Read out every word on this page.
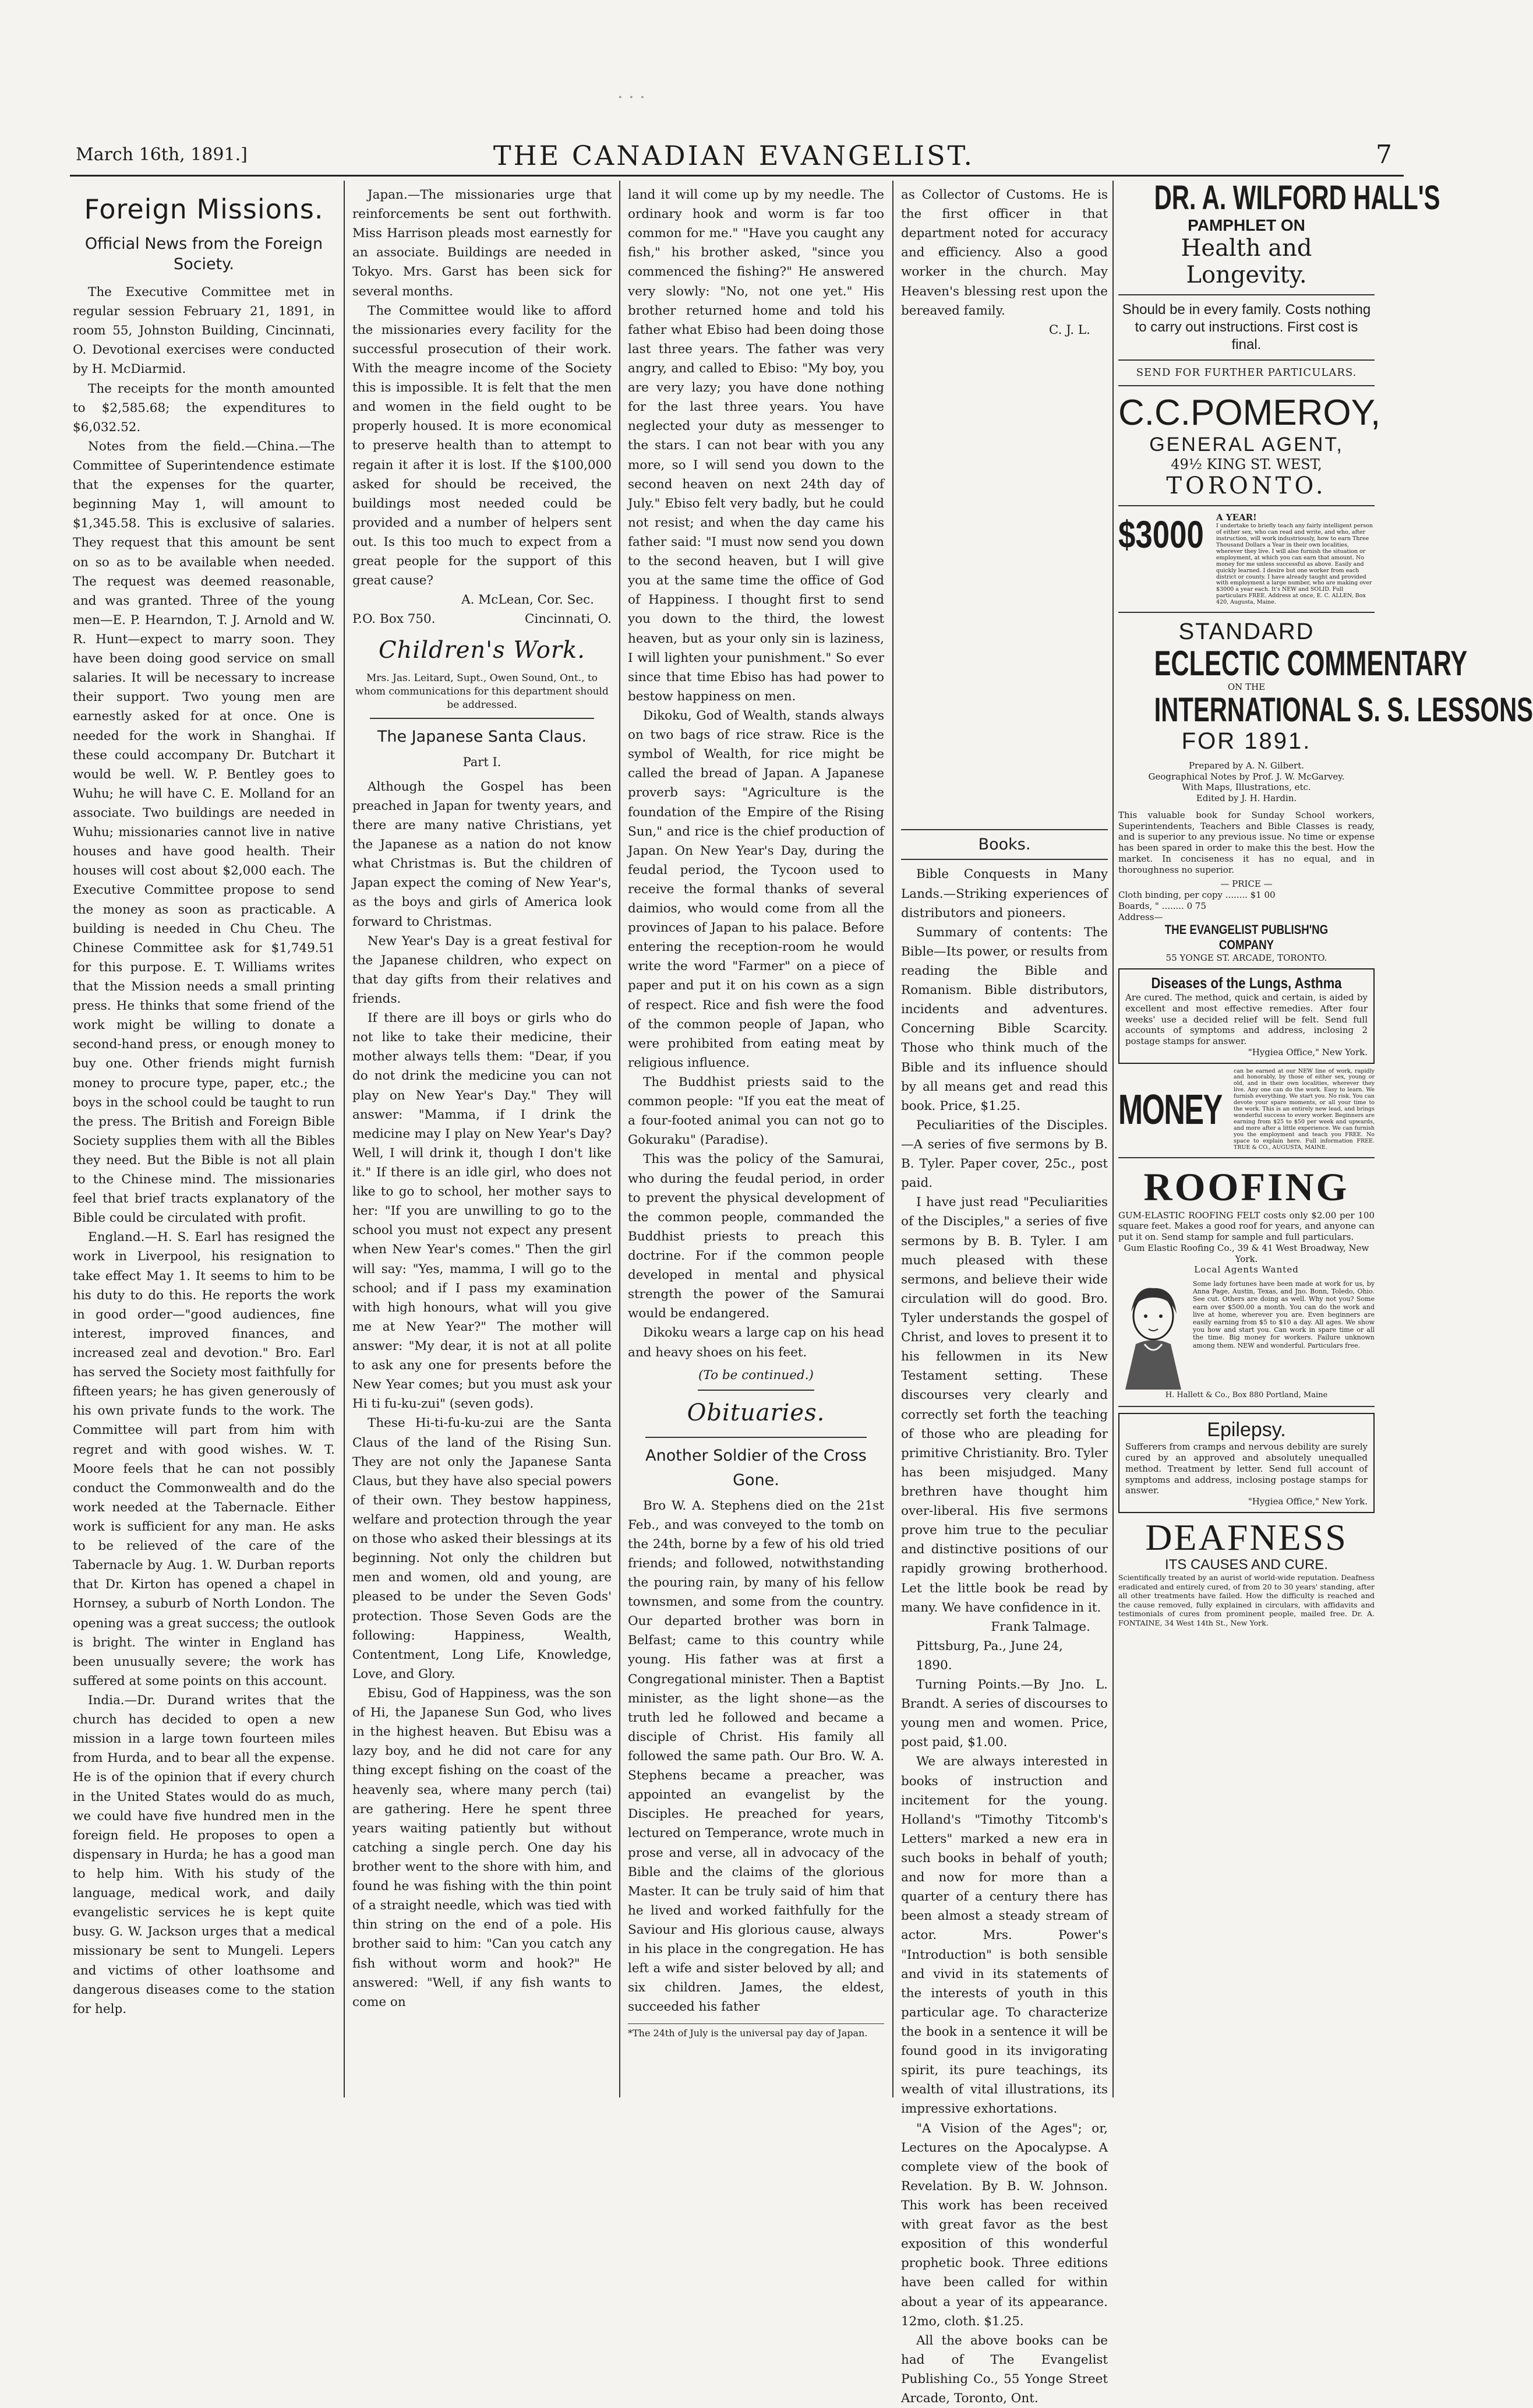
· · ·
March 16th, 1891.]	THE CANADIAN EVANGELIST.	7
Foreign Missions.
Official News from the Foreign Society.

The Executive Committee met in regular session February 21, 1891, in room 55, Johnston Building, Cincinnati, O. Devotional exercises were conducted by H. McDiarmid.

The receipts for the month amounted to $2,585.68; the expenditures to $6,032.52.

Notes from the field.—China.—The Committee of Superintendence estimate that the expenses for the quarter, beginning May 1, will amount to $1,345.58. This is exclusive of salaries. They request that this amount be sent on so as to be available when needed. The request was deemed reasonable, and was granted. Three of the young men—E. P. Hearndon, T. J. Arnold and W. R. Hunt—expect to marry soon. They have been doing good service on small salaries. It will be necessary to increase their support. Two young men are earnestly asked for at once. One is needed for the work in Shanghai. If these could accompany Dr. Butchart it would be well. W. P. Bentley goes to Wuhu; he will have C. E. Molland for an associate. Two buildings are needed in Wuhu; missionaries cannot live in native houses and have good health. Their houses will cost about $2,000 each. The Executive Committee propose to send the money as soon as practicable. A building is needed in Chu Cheu. The Chinese Committee ask for $1,749.51 for this purpose. E. T. Williams writes that the Mission needs a small printing press. He thinks that some friend of the work might be willing to donate a second-hand press, or enough money to buy one. Other friends might furnish money to procure type, paper, etc.; the boys in the school could be taught to run the press. The British and Foreign Bible Society supplies them with all the Bibles they need. But the Bible is not all plain to the Chinese mind. The missionaries feel that brief tracts explanatory of the Bible could be circulated with profit.

England.—H. S. Earl has resigned the work in Liverpool, his resignation to take effect May 1. It seems to him to be his duty to do this. He reports the work in good order—"good audiences, fine interest, improved finances, and increased zeal and devotion." Bro. Earl has served the Society most faithfully for fifteen years; he has given generously of his own private funds to the work. The Committee will part from him with regret and with good wishes. W. T. Moore feels that he can not possibly conduct the Commonwealth and do the work needed at the Tabernacle. Either work is sufficient for any man. He asks to be relieved of the care of the Tabernacle by Aug. 1. W. Durban reports that Dr. Kirton has opened a chapel in Hornsey, a suburb of North London. The opening was a great success; the outlook is bright. The winter in England has been unusually severe; the work has suffered at some points on this account.

India.—Dr. Durand writes that the church has decided to open a new mission in a large town fourteen miles from Hurda, and to bear all the expense. He is of the opinion that if every church in the United States would do as much, we could have five hundred men in the foreign field. He proposes to open a dispensary in Hurda; he has a good man to help him. With his study of the language, medical work, and daily evangelistic services he is kept quite busy. G. W. Jackson urges that a medical missionary be sent to Mungeli. Lepers and victims of other loathsome and dangerous diseases come to the station for help.

Japan.—The missionaries urge that reinforcements be sent out forthwith. Miss Harrison pleads most earnestly for an associate. Buildings are needed in Tokyo. Mrs. Garst has been sick for several months.

The Committee would like to afford the missionaries every facility for the successful prosecution of their work. With the meagre income of the Society this is impossible. It is felt that the men and women in the field ought to be properly housed. It is more economical to preserve health than to attempt to regain it after it is lost. If the $100,000 asked for should be received, the buildings most needed could be provided and a number of helpers sent out. Is this too much to expect from a great people for the support of this great cause?

A. McLean, Cor. Sec.
P.O. Box 750.	Cincinnati, O.
Children's Work.
Mrs. Jas. Leitard, Supt., Owen Sound, Ont., to whom communications for this department should be addressed.
The Japanese Santa Claus.
Part I.

Although the Gospel has been preached in Japan for twenty years, and there are many native Christians, yet the Japanese as a nation do not know what Christmas is. But the children of Japan expect the coming of New Year's, as the boys and girls of America look forward to Christmas.

New Year's Day is a great festival for the Japanese children, who expect on that day gifts from their relatives and friends.

If there are ill boys or girls who do not like to take their medicine, their mother always tells them: "Dear, if you do not drink the medicine you can not play on New Year's Day." They will answer: "Mamma, if I drink the medicine may I play on New Year's Day? Well, I will drink it, though I don't like it." If there is an idle girl, who does not like to go to school, her mother says to her: "If you are unwilling to go to the school you must not expect any present when New Year's comes." Then the girl will say: "Yes, mamma, I will go to the school; and if I pass my examination with high honours, what will you give me at New Year?" The mother will answer: "My dear, it is not at all polite to ask any one for presents before the New Year comes; but you must ask your Hi ti fu-ku-zui" (seven gods).

These Hi-ti-fu-ku-zui are the Santa Claus of the land of the Rising Sun. They are not only the Japanese Santa Claus, but they have also special powers of their own. They bestow happiness, welfare and protection through the year on those who asked their blessings at its beginning. Not only the children but men and women, old and young, are pleased to be under the Seven Gods' protection. Those Seven Gods are the following: Happiness, Wealth, Contentment, Long Life, Knowledge, Love, and Glory.

Ebisu, God of Happiness, was the son of Hi, the Japanese Sun God, who lives in the highest heaven. But Ebisu was a lazy boy, and he did not care for any thing except fishing on the coast of the heavenly sea, where many perch (tai) are gathering. Here he spent three years waiting patiently but without catching a single perch. One day his brother went to the shore with him, and found he was fishing with the thin point of a straight needle, which was tied with thin string on the end of a pole. His brother said to him: "Can you catch any fish without worm and hook?" He answered: "Well, if any fish wants to come on

land it will come up by my needle. The ordinary hook and worm is far too common for me." "Have you caught any fish," his brother asked, "since you commenced the fishing?" He answered very slowly: "No, not one yet." His brother returned home and told his father what Ebiso had been doing those last three years. The father was very angry, and called to Ebiso: "My boy, you are very lazy; you have done nothing for the last three years. You have neglected your duty as messenger to the stars. I can not bear with you any more, so I will send you down to the second heaven on next 24th day of July." Ebiso felt very badly, but he could not resist; and when the day came his father said: "I must now send you down to the second heaven, but I will give you at the same time the office of God of Happiness. I thought first to send you down to the third, the lowest heaven, but as your only sin is laziness, I will lighten your punishment." So ever since that time Ebiso has had power to bestow happiness on men.

Dikoku, God of Wealth, stands always on two bags of rice straw. Rice is the symbol of Wealth, for rice might be called the bread of Japan. A Japanese proverb says: "Agriculture is the foundation of the Empire of the Rising Sun," and rice is the chief production of Japan. On New Year's Day, during the feudal period, the Tycoon used to receive the formal thanks of several daimios, who would come from all the provinces of Japan to his palace. Before entering the reception-room he would write the word "Farmer" on a piece of paper and put it on his cown as a sign of respect. Rice and fish were the food of the common people of Japan, who were prohibited from eating meat by religious influence.

The Buddhist priests said to the common people: "If you eat the meat of a four-footed animal you can not go to Gokuraku" (Paradise).

This was the policy of the Samurai, who during the feudal period, in order to prevent the physical development of the common people, commanded the Buddhist priests to preach this doctrine. For if the common people developed in mental and physical strength the power of the Samurai would be endangered.

Dikoku wears a large cap on his head and heavy shoes on his feet.

(To be continued.)
Obituaries.
Another Soldier of the Cross Gone.

Bro W. A. Stephens died on the 21st Feb., and was conveyed to the tomb on the 24th, borne by a few of his old tried friends; and followed, notwithstanding the pouring rain, by many of his fellow townsmen, and some from the country. Our departed brother was born in Belfast; came to this country while young. His father was at first a Congregational minister. Then a Baptist minister, as the light shone—as the truth led he followed and became a disciple of Christ. His family all followed the same path. Our Bro. W. A. Stephens became a preacher, was appointed an evangelist by the Disciples. He preached for years, lectured on Temperance, wrote much in prose and verse, all in advocacy of the Bible and the claims of the glorious Master. It can be truly said of him that he lived and worked faithfully for the Saviour and His glorious cause, always in his place in the congregation. He has left a wife and sister beloved by all; and six children. James, the eldest, succeeded his father

*The 24th of July is the universal pay day of Japan.

as Collector of Customs. He is the first officer in that department noted for accuracy and efficiency. Also a good worker in the church. May Heaven's blessing rest upon the bereaved family.

C. J. L.
Books.

Bible Conquests in Many Lands.—Striking experiences of distributors and pioneers.

Summary of contents: The Bible—Its power, or results from reading the Bible and Romanism. Bible distributors, incidents and adventures. Concerning Bible Scarcity. Those who think much of the Bible and its influence should by all means get and read this book. Price, $1.25.

Peculiarities of the Disciples.—A series of five sermons by B. B. Tyler. Paper cover, 25c., post paid.

I have just read "Peculiarities of the Disciples," a series of five sermons by B. B. Tyler. I am much pleased with these sermons, and believe their wide circulation will do good. Bro. Tyler understands the gospel of Christ, and loves to present it to his fellowmen in its New Testament setting. These discourses very clearly and correctly set forth the teaching of those who are pleading for primitive Christianity. Bro. Tyler has been misjudged. Many brethren have thought him over-liberal. His five sermons prove him true to the peculiar and distinctive positions of our rapidly growing brotherhood. Let the little book be read by many. We have confidence in it.

Frank Talmage.
Pittsburg, Pa., June 24, 1890.

Turning Points.—By Jno. L. Brandt. A series of discourses to young men and women. Price, post paid, $1.00.

We are always interested in books of instruction and incitement for the young. Holland's "Timothy Titcomb's Letters" marked a new era in such books in behalf of youth; and now for more than a quarter of a century there has been almost a steady stream of actor. Mrs. Power's "Introduction" is both sensible and vivid in its statements of the interests of youth in this particular age. To characterize the book in a sentence it will be found good in its invigorating spirit, its pure teachings, its wealth of vital illustrations, its impressive exhortations.

"A Vision of the Ages"; or, Lectures on the Apocalypse. A complete view of the book of Revelation. By B. W. Johnson. This work has been received with great favor as the best exposition of this wonderful prophetic book. Three editions have been called for within about a year of its appearance. 12mo, cloth. $1.25.

All the above books can be had of The Evangelist Publishing Co., 55 Yonge Street Arcade, Toronto, Ont.

DR. A. WILFORD HALL'S
PAMPHLET ON
Health and Longevity.
Should be in every family. Costs nothing to carry out instructions. First cost is final.
SEND FOR FURTHER PARTICULARS.
C.C.POMEROY,
GENERAL AGENT,
49½ KING ST. WEST,
TORONTO.
$3000 A YEAR!
I undertake to briefly teach any fairly intelligent person of either sex, who can read and write, and who, after instruction, will work industriously, how to earn Three Thousand Dollars a Year in their own localities, wherever they live. I will also furnish the situation or employment, at which you can earn that amount. No money for me unless successful as above. Easily and quickly learned. I desire but one worker from each district or county. I have already taught and provided with employment a large number, who are making over $3000 a year each. It's NEW and SOLID. Full particulars FREE. Address at once, E. C. ALLEN, Box 420, Augusta, Maine.
STANDARD
ECLECTIC COMMENTARY
ON THE
INTERNATIONAL S. S. LESSONS
FOR 1891.
Prepared by A. N. Gilbert.
Geographical Notes by Prof. J. W. McGarvey.
With Maps, Illustrations, etc.
Edited by J. H. Hardin.
This valuable book for Sunday School workers, Superintendents, Teachers and Bible Classes is ready, and is superior to any previous issue. No time or expense has been spared in order to make this the best. How the market. In conciseness it has no equal, and in thoroughness no superior.
— PRICE —
Cloth binding, per copy ........ $1 00
Boards, " ........ 0 75
Address—
THE EVANGELIST PUBLISH'NG COMPANY
55 YONGE ST. ARCADE, TORONTO.
Diseases of the Lungs, Asthma
Are cured. The method, quick and certain, is aided by excellent and most effective remedies. After four weeks' use a decided relief will be felt. Send full accounts of symptoms and address, inclosing 2 postage stamps for answer.
"Hygiea Office," New York.
MONEY
can be earned at our NEW line of work, rapidly and honorably, by those of either sex, young or old, and in their own localities, wherever they live. Any one can do the work. Easy to learn. We furnish everything. We start you. No risk. You can devote your spare moments, or all your time to the work. This is an entirely new lead, and brings wonderful success to every worker. Beginners are earning from $25 to $50 per week and upwards, and more after a little experience. We can furnish you the employment and teach you FREE. No space to explain here. Full information FREE. TRUE & CO., AUGUSTA, MAINE.
ROOFING
GUM-ELASTIC ROOFING FELT costs only $2.00 per 100 square feet. Makes a good roof for years, and anyone can put it on. Send stamp for sample and full particulars.
Gum Elastic Roofing Co., 39 & 41 West Broadway, New York.
Local Agents Wanted
Some lady fortunes have been made at work for us, by Anna Page, Austin, Texas, and Jno. Bonn, Toledo, Ohio. See cut. Others are doing as well. Why not you? Some earn over $500.00 a month. You can do the work and live at home, wherever you are. Even beginners are easily earning from $5 to $10 a day. All ages. We show you how and start you. Can work in spare time or all the time. Big money for workers. Failure unknown among them. NEW and wonderful. Particulars free.
H. Hallett & Co., Box 880 Portland, Maine
Epilepsy.
Sufferers from cramps and nervous debility are surely cured by an approved and absolutely unequalled method. Treatment by letter. Send full account of symptoms and address, inclosing postage stamps for answer.
"Hygiea Office," New York.
DEAFNESS
ITS CAUSES AND CURE.
Scientifically treated by an aurist of world-wide reputation. Deafness eradicated and entirely cured, of from 20 to 30 years' standing, after all other treatments have failed. How the difficulty is reached and the cause removed, fully explained in circulars, with affidavits and testimonials of cures from prominent people, mailed free. Dr. A. FONTAINE, 34 West 14th St., New York.
